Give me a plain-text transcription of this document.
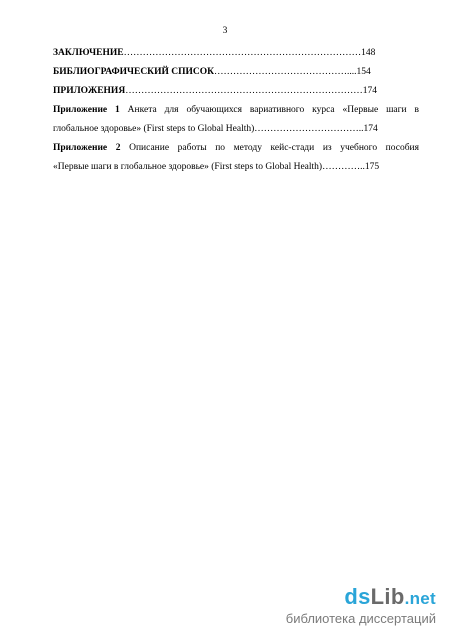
3
ЗАКЛЮЧЕНИЕ…………………………………………………………………148
БИБЛИОГРАФИЧЕСКИЙ СПИСОК……………………………………....154
ПРИЛОЖЕНИЯ…………………………………………………………………174
Приложение 1 Анкета для обучающихся вариативного курса «Первые шаги в
глобальное здоровье» (First steps to Global Health)……………………………..174
Приложение 2 Описание работы по методу кейс-стади из учебного пособия
«Первые шаги в глобальное здоровье» (First steps to Global Health)…………..175
dsLib.net
библиотека диссертаций
